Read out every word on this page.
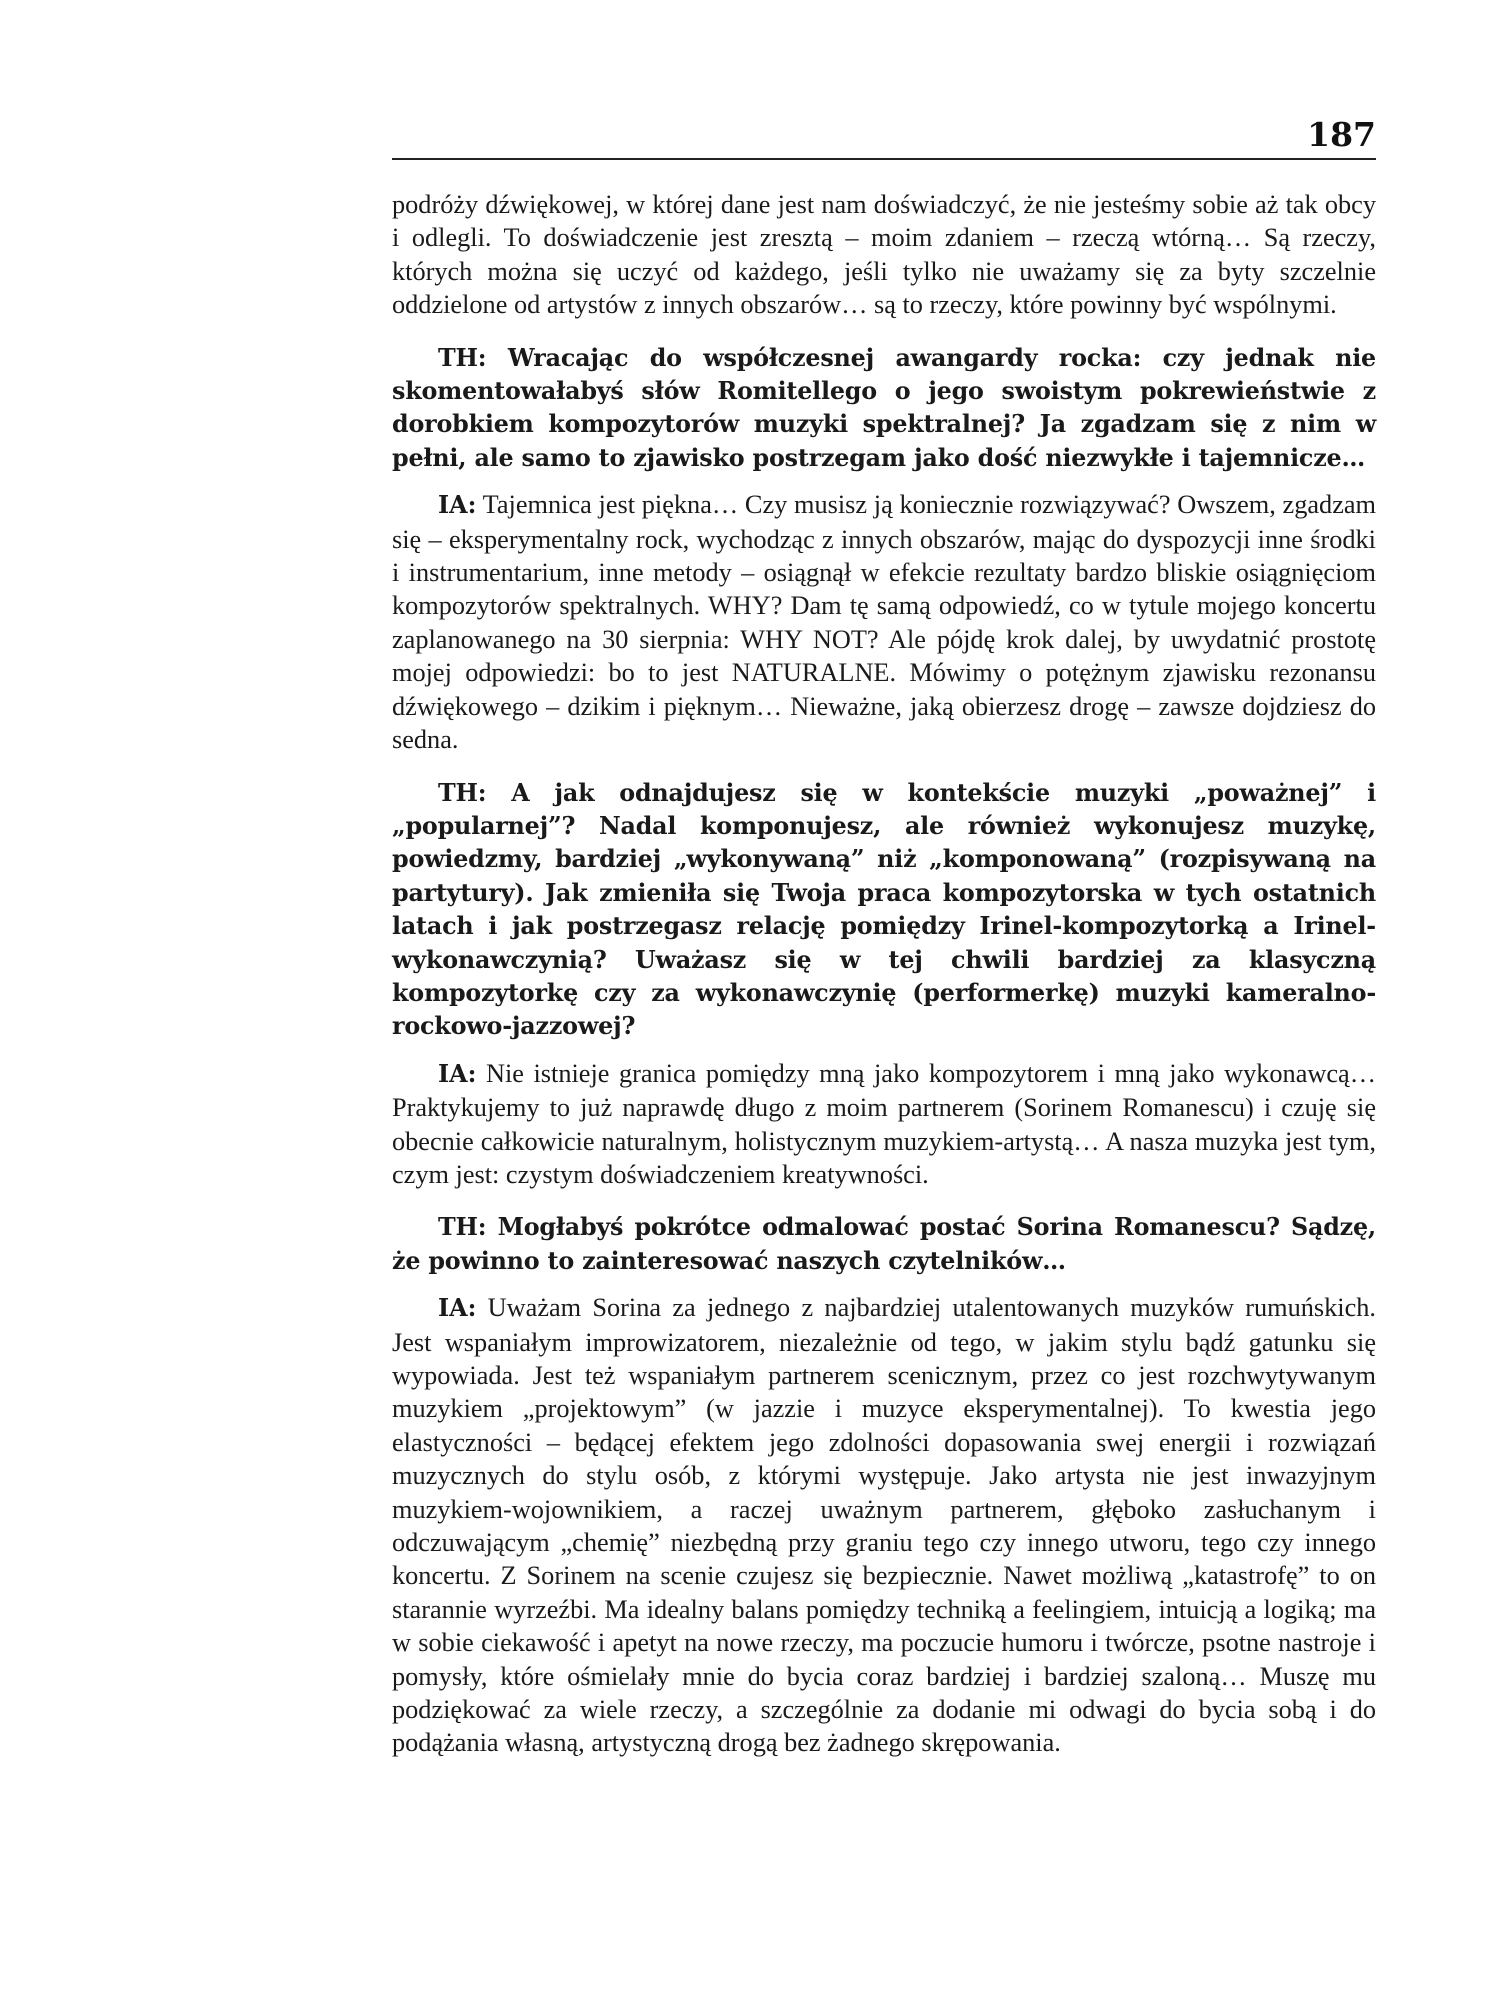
187

podróży dźwiękowej, w której dane jest nam doświadczyć, że nie jesteśmy sobie aż tak obcy i odlegli. To doświadczenie jest zresztą – moim zdaniem – rzeczą wtórną… Są rzeczy, których można się uczyć od każdego, jeśli tylko nie uważamy się za byty szczelnie oddzielone od artystów z innych obszarów… są to rzeczy, które powinny być wspólnymi.

TH: Wracając do współczesnej awangardy rocka: czy jednak nie skomentowałabyś słów Romitellego o jego swoistym pokrewieństwie z dorobkiem kompozytorów muzyki spektralnej? Ja zgadzam się z nim w pełni, ale samo to zjawisko postrzegam jako dość niezwykłe i tajemnicze…

IA: Tajemnica jest piękna… Czy musisz ją koniecznie rozwiązywać? Owszem, zgadzam się – eksperymentalny rock, wychodząc z innych obszarów, mając do dyspozycji inne środki i instrumentarium, inne metody – osiągnął w efekcie rezultaty bardzo bliskie osiągnięciom kompozytorów spektralnych. WHY? Dam tę samą odpowiedź, co w tytule mojego koncertu zaplanowanego na 30 sierpnia: WHY NOT? Ale pójdę krok dalej, by uwydatnić prostotę mojej odpowiedzi: bo to jest NATURALNE. Mówimy o potężnym zjawisku rezonansu dźwiękowego – dzikim i pięknym… Nieważne, jaką obierzesz drogę – zawsze dojdziesz do sedna.

TH: A jak odnajdujesz się w kontekście muzyki „poważnej” i „popularnej”? Nadal komponujesz, ale również wykonujesz muzykę, powiedzmy, bardziej „wykonywaną” niż „komponowaną” (rozpisywaną na partytury). Jak zmieniła się Twoja praca kompozytorska w tych ostatnich latach i jak postrzegasz relację pomiędzy Irinel-kompozytorką a Irinel-wykonawczynią? Uważasz się w tej chwili bardziej za klasyczną kompozytorkę czy za wykonawczynię (performerkę) muzyki kameralno-rockowo-jazzowej?

IA: Nie istnieje granica pomiędzy mną jako kompozytorem i mną jako wykonawcą… Praktykujemy to już naprawdę długo z moim partnerem (Sorinem Romanescu) i czuję się obecnie całkowicie naturalnym, holistycznym muzykiem-artystą… A nasza muzyka jest tym, czym jest: czystym doświadczeniem kreatywności.

TH: Mogłabyś pokrótce odmalować postać Sorina Romanescu? Sądzę, że powinno to zainteresować naszych czytelników…

IA: Uważam Sorina za jednego z najbardziej utalentowanych muzyków rumuńskich. Jest wspaniałym improwizatorem, niezależnie od tego, w jakim stylu bądź gatunku się wypowiada. Jest też wspaniałym partnerem scenicznym, przez co jest rozchwytywanym muzykiem „projektowym” (w jazzie i muzyce eksperymentalnej). To kwestia jego elastyczności – będącej efektem jego zdolności dopasowania swej energii i rozwiązań muzycznych do stylu osób, z którymi występuje. Jako artysta nie jest inwazyjnym muzykiem-wojownikiem, a raczej uważnym partnerem, głęboko zasłuchanym i odczuwającym „chemię” niezbędną przy graniu tego czy innego utworu, tego czy innego koncertu. Z Sorinem na scenie czujesz się bezpiecznie. Nawet możliwą „katastrofę” to on starannie wyrzeźbi. Ma idealny balans pomiędzy techniką a feelingiem, intuicją a logiką; ma w sobie ciekawość i apetyt na nowe rzeczy, ma poczucie humoru i twórcze, psotne nastroje i pomysły, które ośmielały mnie do bycia coraz bardziej i bardziej szaloną… Muszę mu podziękować za wiele rzeczy, a szczególnie za dodanie mi odwagi do bycia sobą i do podążania własną, artystyczną drogą bez żadnego skrępowania.
